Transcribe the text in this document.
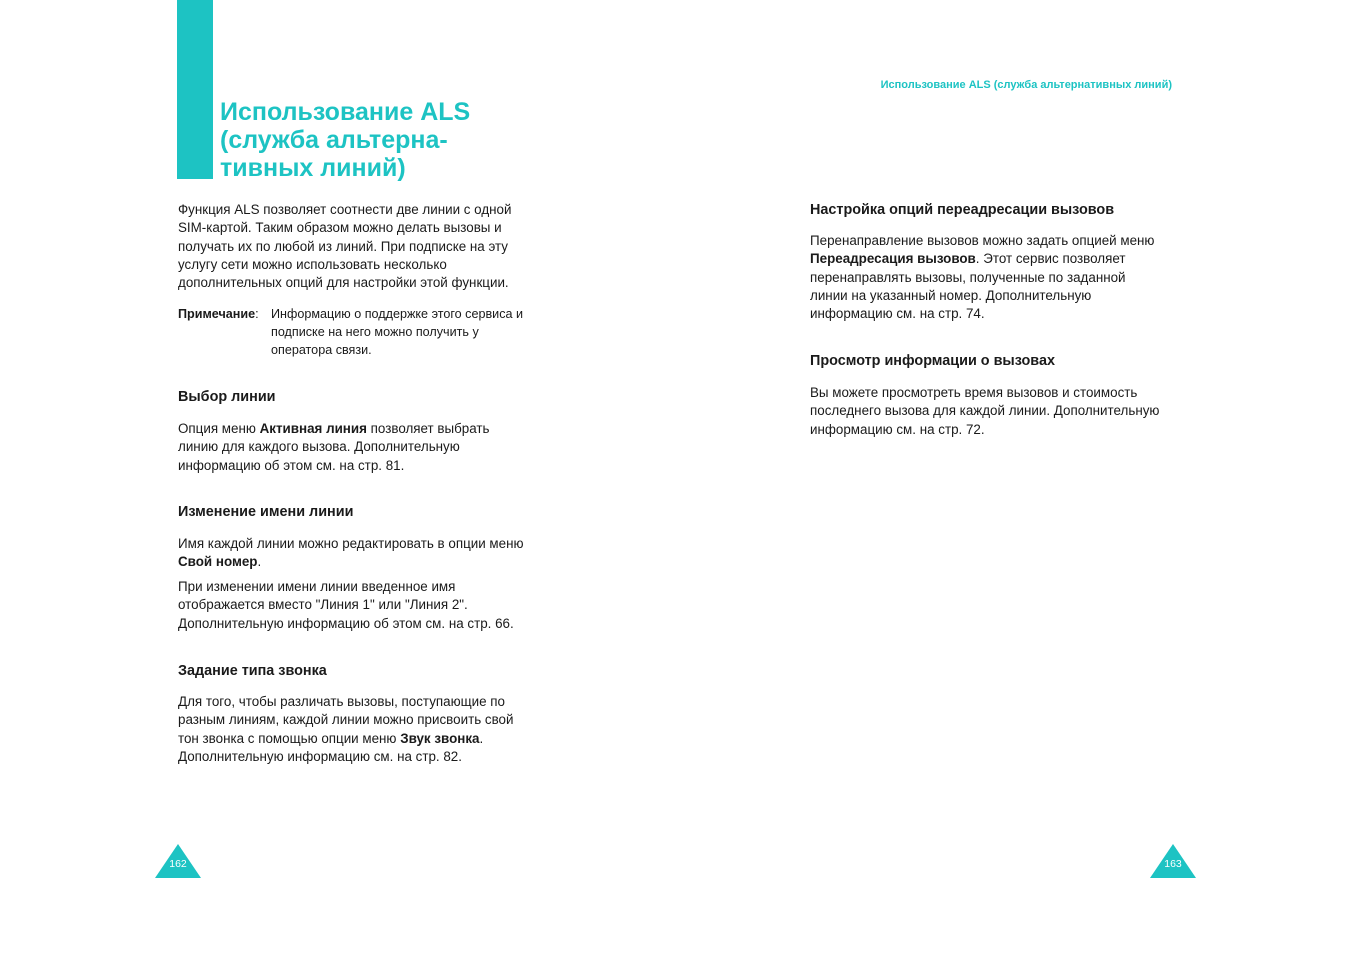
Использование ALS
(служба альтерна-
тивных линий)

Функция ALS позволяет соотнести две линии с одной
SIM-картой. Таким образом можно делать вызовы и
получать их по любой из линий. При подписке на эту
услугу сети можно использовать несколько
дополнительных опций для настройки этой функции.

Примечание: Информацию о поддержке этого сервиса и
подписке на него можно получить у
оператора связи.
Выбор линии

Опция меню Активная линия позволяет выбрать
линию для каждого вызова. Дополнительную
информацию об этом см. на стр. 81.

Изменение имени линии

Имя каждой линии можно редактировать в опции меню
Свой номер.

При изменении имени линии введенное имя
отображается вместо "Линия 1" или "Линия 2".
Дополнительную информацию об этом см. на стр. 66.

Задание типа звонка

Для того, чтобы различать вызовы, поступающие по
разным линиям, каждой линии можно присвоить свой
тон звонка с помощью опции меню Звук звонка.
Дополнительную информацию см. на стр. 82.

162
Использование ALS (служба альтернативных линий)
Настройка опций переадресации вызовов

Перенаправление вызовов можно задать опцией меню
Переадресация вызовов. Этот сервис позволяет
перенаправлять вызовы, полученные по заданной
линии на указанный номер. Дополнительную
информацию см. на стр. 74.

Просмотр информации о вызовах

Вы можете просмотреть время вызовов и стоимость
последнего вызова для каждой линии. Дополнительную
информацию см. на стр. 72.

163
